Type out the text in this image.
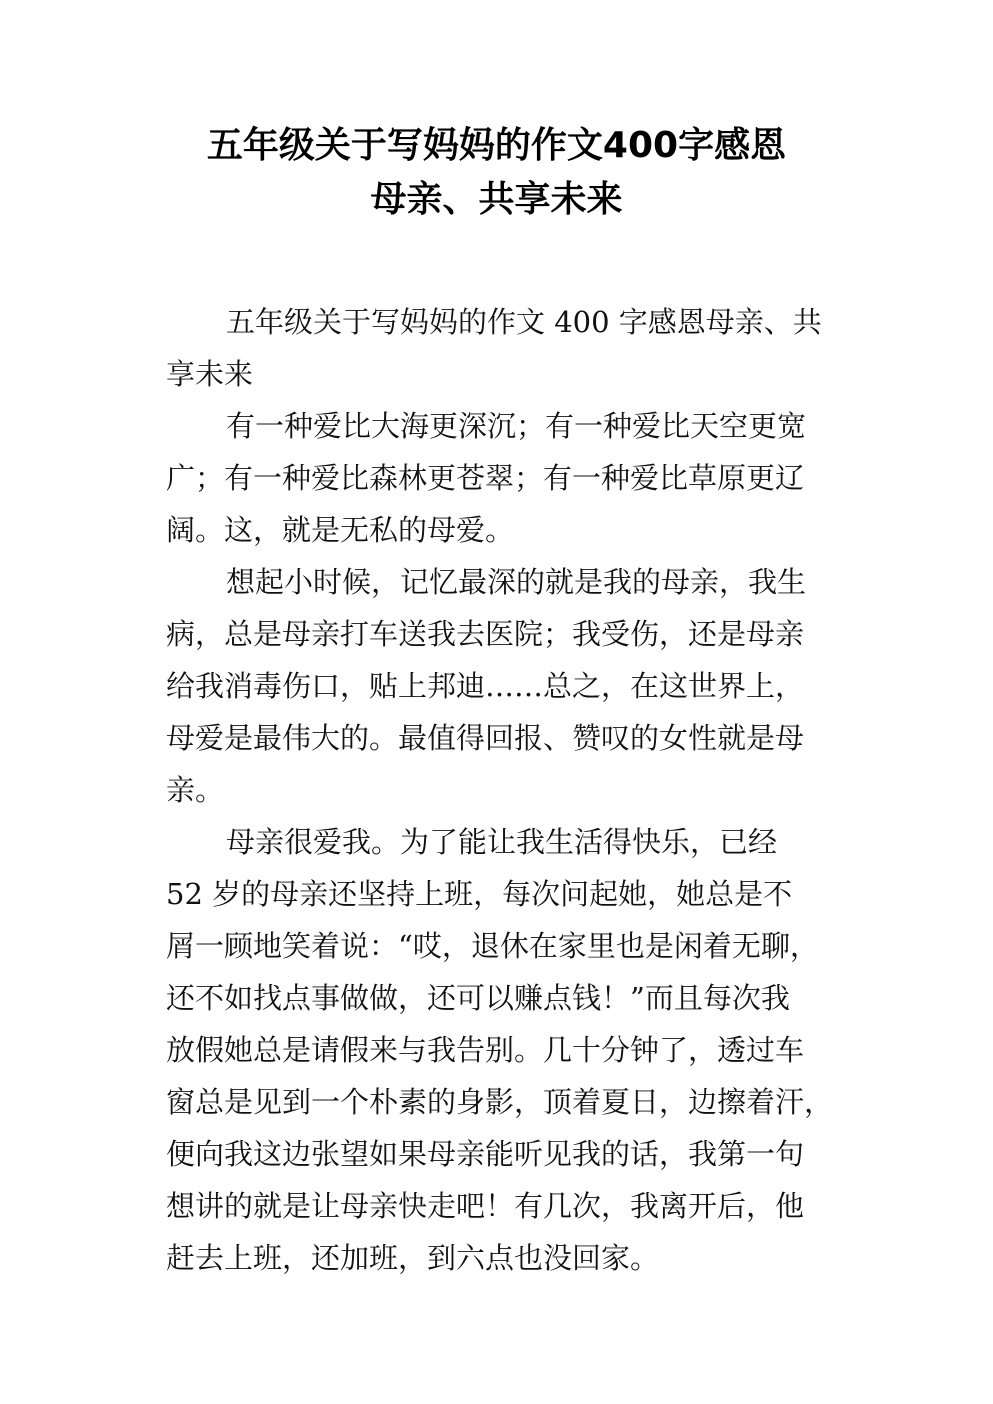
五年级关于写妈妈的作文400字感恩
母亲、共享未来
五年级关于写妈妈的作文 400 字感恩母亲、共
享未来
有一种爱比大海更深沉；有一种爱比天空更宽
广；有一种爱比森林更苍翠；有一种爱比草原更辽
阔。这，就是无私的母爱。
想起小时候，记忆最深的就是我的母亲，我生
病，总是母亲打车送我去医院；我受伤，还是母亲
给我消毒伤口，贴上邦迪……总之，在这世界上，
母爱是最伟大的。最值得回报、赞叹的女性就是母
亲。
母亲很爱我。为了能让我生活得快乐，已经
52 岁的母亲还坚持上班，每次问起她，她总是不
屑一顾地笑着说：“哎，退休在家里也是闲着无聊，
还不如找点事做做，还可以赚点钱！”而且每次我
放假她总是请假来与我告别。几十分钟了，透过车
窗总是见到一个朴素的身影，顶着夏日，边擦着汗，
便向我这边张望如果母亲能听见我的话，我第一句
想讲的就是让母亲快走吧！有几次，我离开后，他
赶去上班，还加班，到六点也没回家。
